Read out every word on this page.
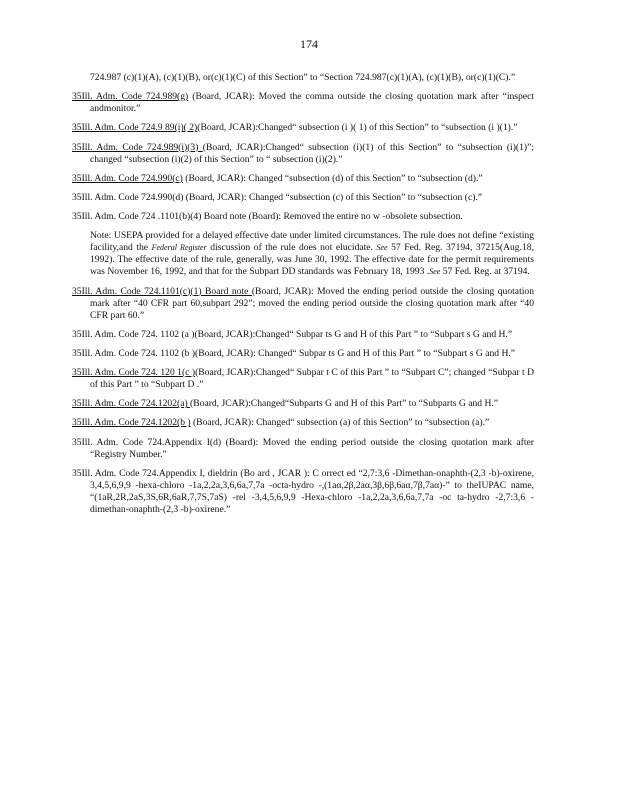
174

724.987 (c)(1)(A), (c)(1)(B), or(c)(1)(C) of this Section” to “Section 724.987(c)(1)(A), (c)(1)(B), or(c)(1)(C).”

35Ill. Adm. Code 724.989(g) (Board, JCAR): Moved the comma outside the closing quotation mark after “inspect andmonitor.”

35Ill. Adm. Code 724.9 89(i)( 2)(Board, JCAR):Changed“ subsection (i )( 1) of this Section” to “subsection (i )(1).”

35Ill. Adm. Code 724.989(i)(3) (Board, JCAR):Changed“ subsection (i)(1) of this Section” to “subsection (i)(1)”; changed “subsection (i)(2) of this Section” to “ subsection (i)(2).”

35Ill. Adm. Code 724.990(c) (Board, JCAR): Changed “subsection (d) of this Section” to “subsection (d).”

35Ill. Adm. Code 724.990(d) (Board, JCAR): Changed “subsection (c) of this Section” to “subsection (c).”

35Ill. Adm. Code 724 .1101(b)(4) Board note (Board): Removed the entire no w -obsolete subsection.

Note: USEPA provided for a delayed effective date under limited circumstances. The rule does not define “existing facility,and the Federal Register discussion of the rule does not elucidate. See 57 Fed. Reg. 37194, 37215(Aug.18, 1992). The effective date of the rule, generally, was June 30, 1992. The effective date for the permit requirements was November 16, 1992, and that for the Subpart DD standards was February 18, 1993 .See 57 Fed. Reg. at 37194.

35Ill. Adm. Code 724.1101(c)(1) Board note (Board, JCAR): Moved the ending period outside the closing quotation mark after “40 CFR part 60,subpart 292”; moved the ending period outside the closing quotation mark after “40 CFR part 60.”

35Ill. Adm. Code 724. 1102 (a )(Board, JCAR):Changed“ Subpar ts G and H of this Part ” to “Subpart s G and H.”

35Ill. Adm. Code 724. 1102 (b )(Board, JCAR): Changed“ Subpar ts G and H of this Part ” to “Subpart s G and H.”

35Ill. Adm. Code 724. 120 1(c )(Board, JCAR):Changed“ Subpar t C of this Part ” to “Subpart C”; changed “Subpar t D of this Part ” to “Subpart D .”

35Ill. Adm. Code 724.1202(a) (Board, JCAR):Changed“Subparts G and H of this Part” to “Subparts G and H.”

35Ill. Adm. Code 724.1202(b ) (Board, JCAR): Changed“ subsection (a) of this Section” to “subsection (a).”

35Ill. Adm. Code 724.Appendix I(d) (Board): Moved the ending period outside the closing quotation mark after “Registry Number.”

35Ill. Adm. Code 724.Appendix I, dieldrin (Bo ard , JCAR ): C orrect ed “2,7:3,6 -Dimethan-onaphth-(2,3 -b)-oxirene, 3,4,5,6,9,9 -hexa-chloro -1a,2,2a,3,6,6a,7,7a -octa-hydro -,(1aα,2β,2aα,3β,6β,6aα,7β,7aα)-” to theIUPAC name, “(1aR,2R,2aS,3S,6R,6aR,7,7S,7aS) -rel -3,4,5,6,9,9 -Hexa-chloro -1a,2,2a,3,6,6a,7,7a -oc ta-hydro -2,7:3,6 -dimethan-onaphth-(2,3 -b)-oxirene.”
